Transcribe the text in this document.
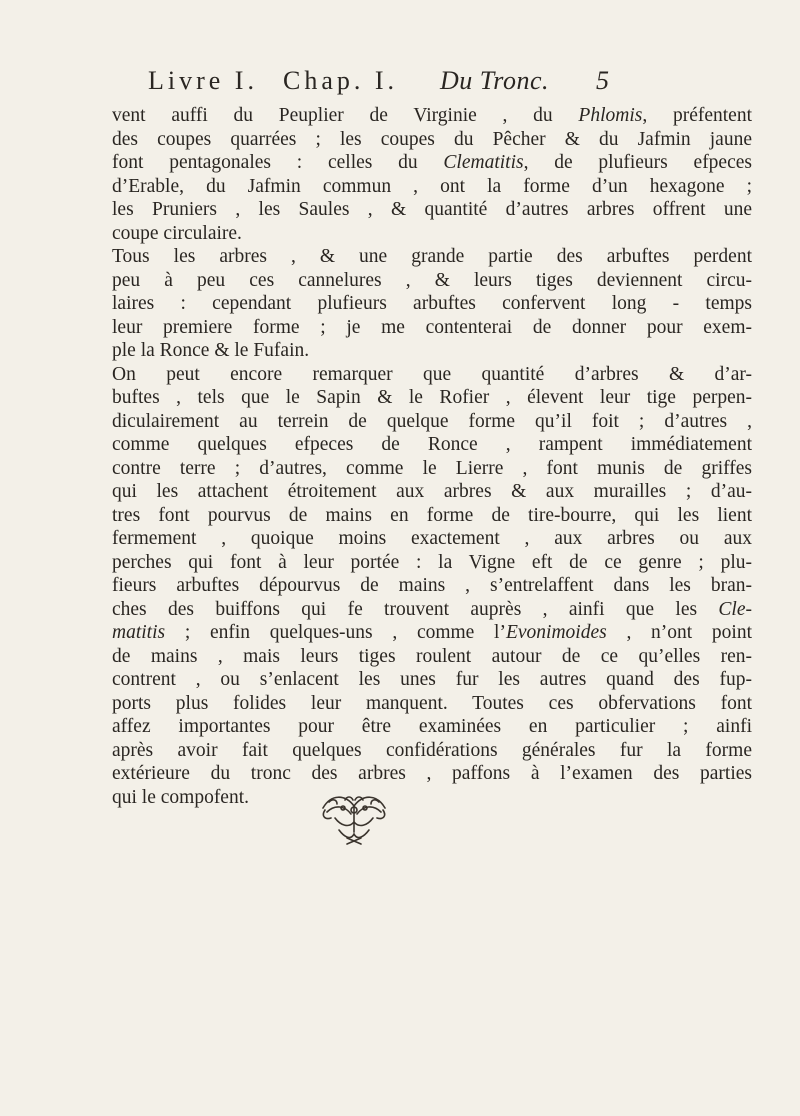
Livre I. Chap. I. Du Tronc. 5
vent auffi du Peuplier de Virginie , du Phlomis, préfentent
des coupes quarrées ; les coupes du Pêcher & du Jafmin jaune
font pentagonales : celles du Clematitis, de plufieurs efpeces
d’Erable, du Jafmin commun , ont la forme d’un hexagone ;
les Pruniers , les Saules , & quantité d’autres arbres offrent une
coupe circulaire.
Tous les arbres , & une grande partie des arbuftes perdent
peu à peu ces cannelures , & leurs tiges deviennent circu-
laires : cependant plufieurs arbuftes confervent long - temps
leur premiere forme ; je me contenterai de donner pour exem-
ple la Ronce & le Fufain.
On peut encore remarquer que quantité d’arbres & d’ar-
buftes , tels que le Sapin & le Rofier , élevent leur tige perpen-
diculairement au terrein de quelque forme qu’il foit ; d’autres ,
comme quelques efpeces de Ronce , rampent immédiatement
contre terre ; d’autres, comme le Lierre , font munis de griffes
qui les attachent étroitement aux arbres & aux murailles ; d’au-
tres font pourvus de mains en forme de tire-bourre, qui les lient
fermement , quoique moins exactement , aux arbres ou aux
perches qui font à leur portée : la Vigne eft de ce genre ; plu-
fieurs arbuftes dépourvus de mains , s’entrelaffent dans les bran-
ches des buiffons qui fe trouvent auprès , ainfi que les Cle-
matitis ; enfin quelques-uns , comme l’Evonimoides , n’ont point
de mains , mais leurs tiges roulent autour de ce qu’elles ren-
contrent , ou s’enlacent les unes fur les autres quand des fup-
ports plus folides leur manquent. Toutes ces obfervations font
affez importantes pour être examinées en particulier ; ainfi
après avoir fait quelques confidérations générales fur la forme
extérieure du tronc des arbres , paffons à l’examen des parties
qui le compofent.
